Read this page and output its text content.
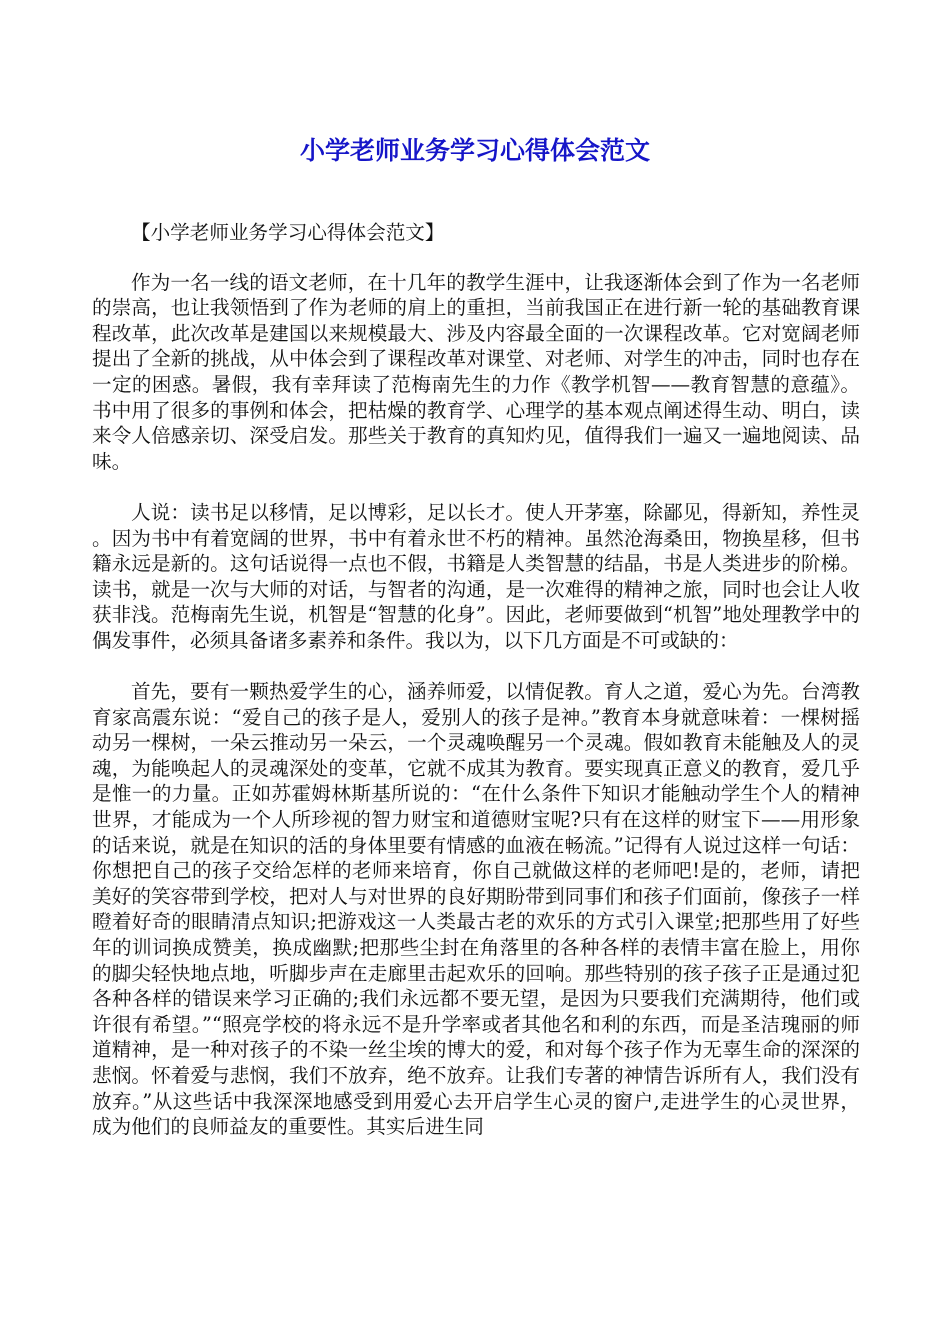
小学老师业务学习心得体会范文

【小学老师业务学习心得体会范文】

作为一名一线的语文老师，在十几年的教学生涯中，让我逐渐体会到了作为一名老师的崇高，也让我领悟到了作为老师的肩上的重担，当前我国正在进行新一轮的基础教育课程改革，此次改革是建国以来规模最大、涉及内容最全面的一次课程改革。它对宽阔老师提出了全新的挑战，从中体会到了课程改革对课堂、对老师、对学生的冲击，同时也存在一定的困惑。暑假，我有幸拜读了范梅南先生的力作《教学机智——教育智慧的意蕴》。书中用了很多的事例和体会，把枯燥的教育学、心理学的基本观点阐述得生动、明白，读来令人倍感亲切、深受启发。那些关于教育的真知灼见，值得我们一遍又一遍地阅读、品味。

人说：读书足以移情，足以博彩，足以长才。使人开茅塞，除鄙见，得新知，养性灵。因为书中有着宽阔的世界，书中有着永世不朽的精神。虽然沧海桑田，物换星移，但书籍永远是新的。这句话说得一点也不假，书籍是人类智慧的结晶，书是人类进步的阶梯。读书，就是一次与大师的对话，与智者的沟通，是一次难得的精神之旅，同时也会让人收获非浅。范梅南先生说，机智是“智慧的化身”。因此，老师要做到“机智”地处理教学中的偶发事件，必须具备诸多素养和条件。我以为，以下几方面是不可或缺的：

首先，要有一颗热爱学生的心，涵养师爱，以情促教。育人之道，爱心为先。台湾教育家高震东说：“爱自己的孩子是人，爱别人的孩子是神。”教育本身就意味着：一棵树摇动另一棵树，一朵云推动另一朵云，一个灵魂唤醒另一个灵魂。假如教育未能触及人的灵魂，为能唤起人的灵魂深处的变革，它就不成其为教育。要实现真正意义的教育，爱几乎是惟一的力量。正如苏霍姆林斯基所说的：“在什么条件下知识才能触动学生个人的精神世界，才能成为一个人所珍视的智力财宝和道德财宝呢?只有在这样的财宝下——用形象的话来说，就是在知识的活的身体里要有情感的血液在畅流。”记得有人说过这样一句话：你想把自己的孩子交给怎样的老师来培育，你自己就做这样的老师吧!是的，老师，请把美好的笑容带到学校，把对人与对世界的良好期盼带到同事们和孩子们面前，像孩子一样瞪着好奇的眼睛清点知识;把游戏这一人类最古老的欢乐的方式引入课堂;把那些用了好些年的训词换成赞美，换成幽默;把那些尘封在角落里的各种各样的表情丰富在脸上，用你的脚尖轻快地点地，听脚步声在走廊里击起欢乐的回响。那些特别的孩子孩子正是通过犯各种各样的错误来学习正确的;我们永远都不要无望，是因为只要我们充满期待，他们或许很有希望。”“照亮学校的将永远不是升学率或者其他名和利的东西，而是圣洁瑰丽的师道精神，是一种对孩子的不染一丝尘埃的博大的爱，和对每个孩子作为无辜生命的深深的悲悯。怀着爱与悲悯，我们不放弃，绝不放弃。让我们专著的神情告诉所有人，我们没有放弃。”从这些话中我深深地感受到用爱心去开启学生心灵的窗户,走进学生的心灵世界，成为他们的良师益友的重要性。其实后进生同
